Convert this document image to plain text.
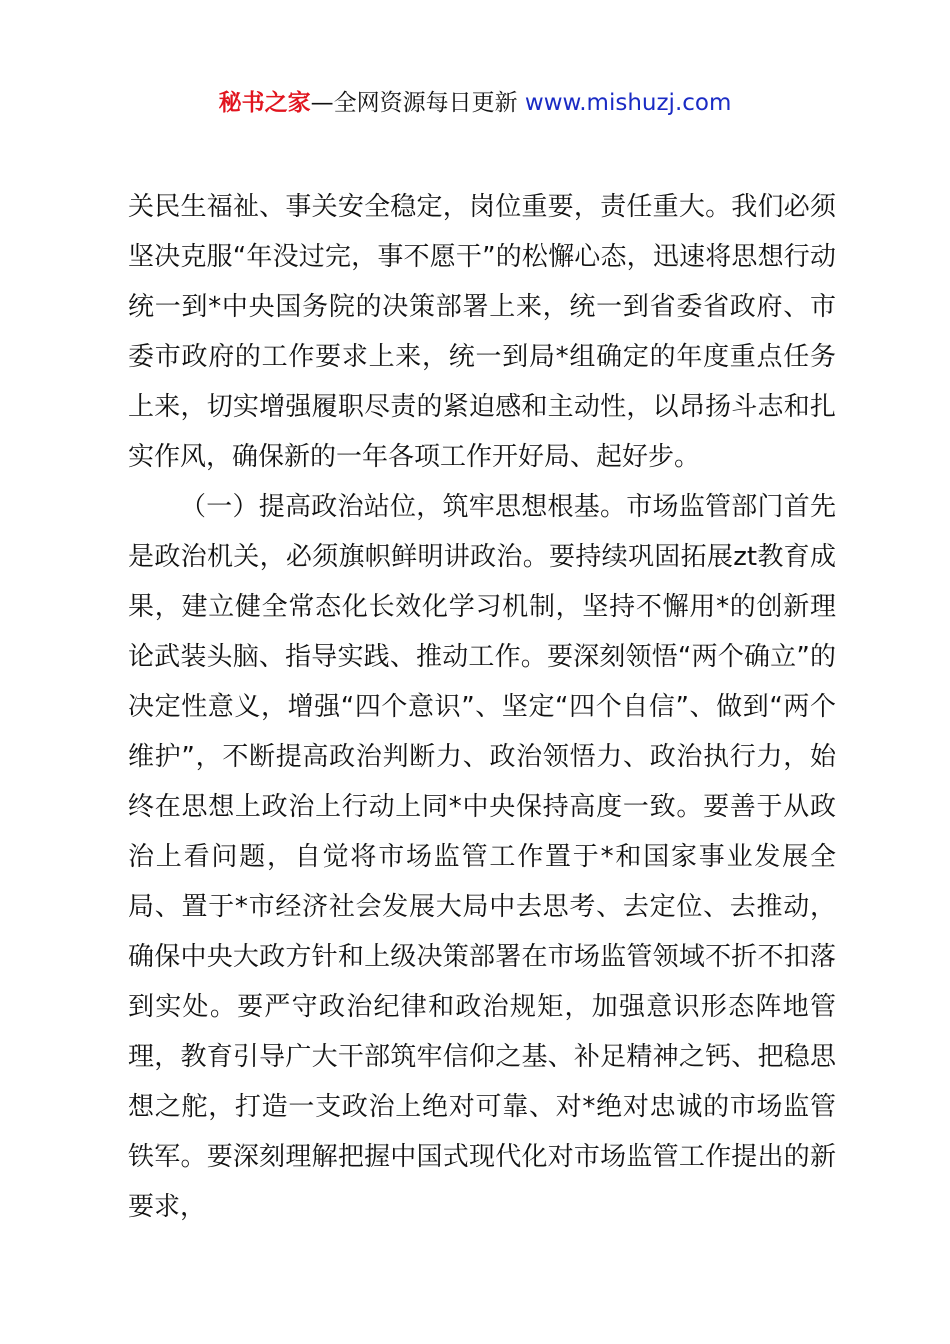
秘书之家—全网资源每日更新 www.mishuzj.com

关民生福祉、事关安全稳定，岗位重要，责任重大。我们必须坚决克服“年没过完，事不愿干”的松懈心态，迅速将思想行动统一到*中央国务院的决策部署上来，统一到省委省政府、市委市政府的工作要求上来，统一到局*组确定的年度重点任务上来，切实增强履职尽责的紧迫感和主动性，以昂扬斗志和扎实作风，确保新的一年各项工作开好局、起好步。

（一）提高政治站位，筑牢思想根基。市场监管部门首先是政治机关，必须旗帜鲜明讲政治。要持续巩固拓展zt教育成果，建立健全常态化长效化学习机制，坚持不懈用*的创新理论武装头脑、指导实践、推动工作。要深刻领悟“两个确立”的决定性意义，增强“四个意识”、坚定“四个自信”、做到“两个维护”，不断提高政治判断力、政治领悟力、政治执行力，始终在思想上政治上行动上同*中央保持高度一致。要善于从政治上看问题，自觉将市场监管工作置于*和国家事业发展全局、置于*市经济社会发展大局中去思考、去定位、去推动，确保中央大政方针和上级决策部署在市场监管领域不折不扣落到实处。要严守政治纪律和政治规矩，加强意识形态阵地管理，教育引导广大干部筑牢信仰之基、补足精神之钙、把稳思想之舵，打造一支政治上绝对可靠、对*绝对忠诚的市场监管铁军。要深刻理解把握中国式现代化对市场监管工作提出的新要求，
